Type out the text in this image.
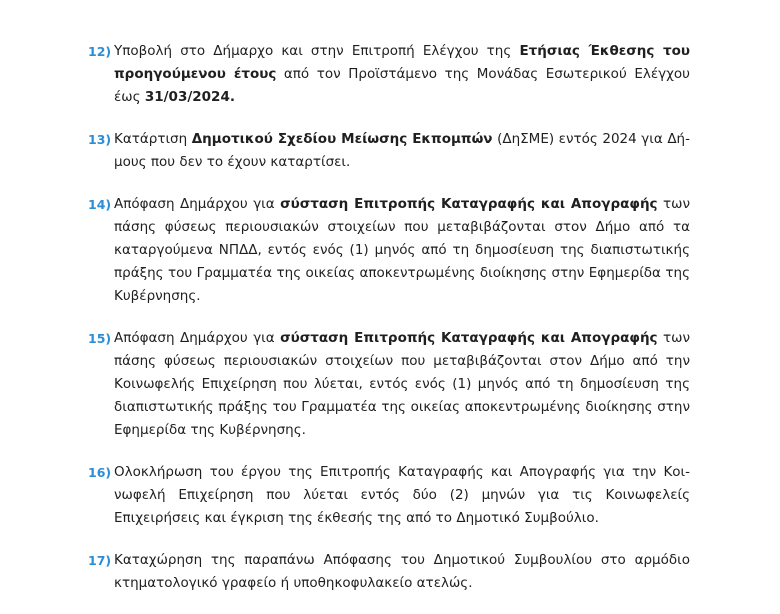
12) Υποβολή στο Δήμαρχο και στην Επιτροπή Ελέγχου της Ετήσιας Έκθεσης του προηγούμενου έτους από τον Προϊστάμενο της Μονάδας Εσωτερικού Ελέγχου έως 31/03/2024.

13) Κατάρτιση Δημοτικού Σχεδίου Μείωσης Εκπομπών (ΔηΣΜΕ) εντός 2024 για Δήμους που δεν το έχουν καταρτίσει.

14) Απόφαση Δημάρχου για σύσταση Επιτροπής Καταγραφής και Απογραφής των πάσης φύσεως περιουσιακών στοιχείων που μεταβιβάζονται στον Δήμο από τα καταργούμενα ΝΠΔΔ, εντός ενός (1) μηνός από τη δημοσίευση της διαπιστωτικής πράξης του Γραμματέα της οικείας αποκεντρωμένης διοίκησης στην Εφημερίδα της Κυβέρνησης.

15) Απόφαση Δημάρχου για σύσταση Επιτροπής Καταγραφής και Απογραφής των πάσης φύσεως περιουσιακών στοιχείων που μεταβιβάζονται στον Δήμο από την Κοινωφελής Επιχείρηση που λύεται, εντός ενός (1) μηνός από τη δημοσίευση της διαπιστωτικής πράξης του Γραμματέα της οικείας αποκεντρωμένης διοίκησης στην Εφημερίδα της Κυβέρνησης.

16) Ολοκλήρωση του έργου της Επιτροπής Καταγραφής και Απογραφής για την Κοινωφελή Επιχείρηση που λύεται εντός δύο (2) μηνών για τις Κοινωφελείς Επιχειρήσεις και έγκριση της έκθεσής της από το Δημοτικό Συμβούλιο.

17) Καταχώρηση της παραπάνω Απόφασης του Δημοτικού Συμβουλίου στο αρμόδιο κτηματολογικό γραφείο ή υποθηκοφυλακείο ατελώς.
